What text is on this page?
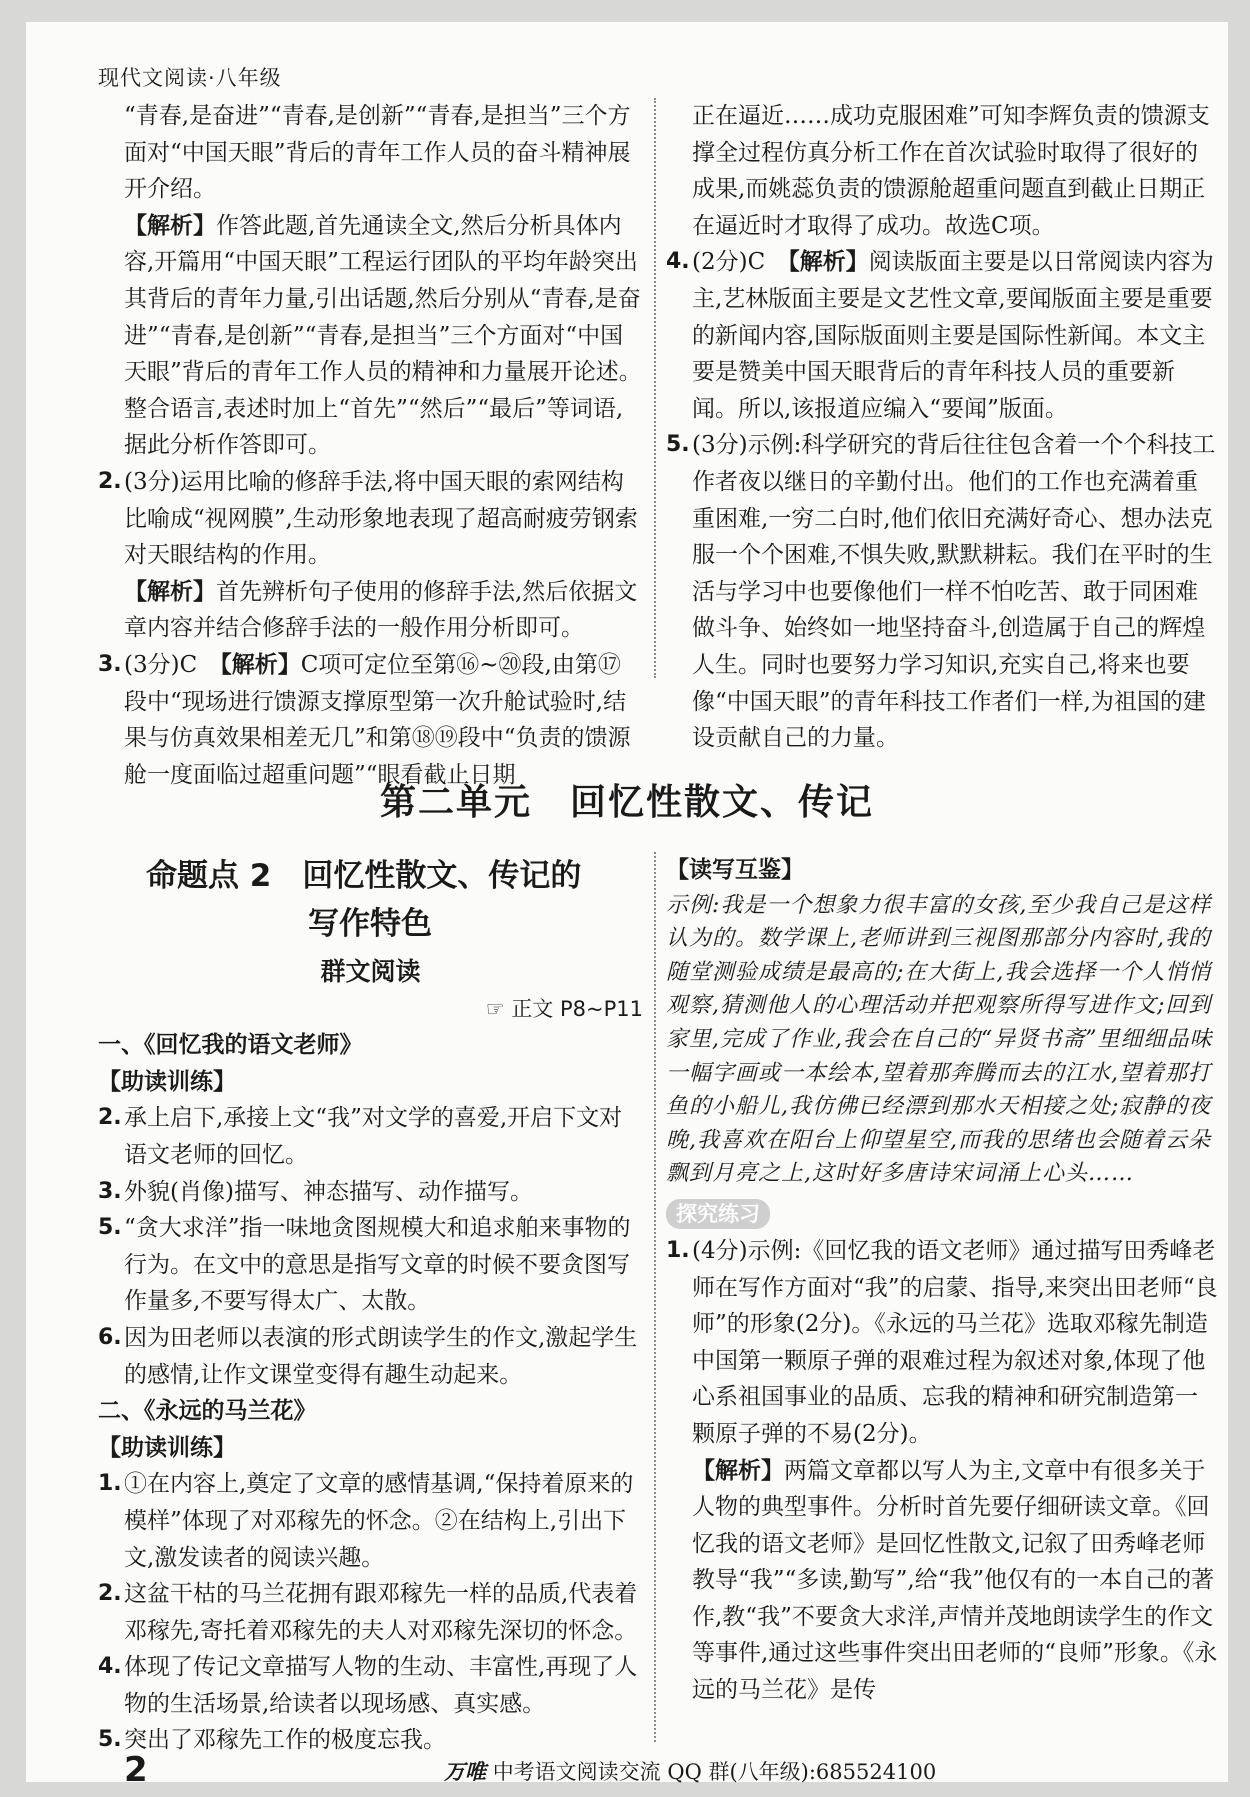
现代文阅读·八年级

“青春,是奋进”“青春,是创新”“青春,是担当”三个方面对“中国天眼”背后的青年工作人员的奋斗精神展开介绍。

【解析】作答此题,首先通读全文,然后分析具体内容,开篇用“中国天眼”工程运行团队的平均年龄突出其背后的青年力量,引出话题,然后分别从“青春,是奋进”“青春,是创新”“青春,是担当”三个方面对“中国天眼”背后的青年工作人员的精神和力量展开论述。整合语言,表述时加上“首先”“然后”“最后”等词语,据此分析作答即可。

2. (3分)运用比喻的修辞手法,将中国天眼的索网结构比喻成“视网膜”,生动形象地表现了超高耐疲劳钢索对天眼结构的作用。

【解析】首先辨析句子使用的修辞手法,然后依据文章内容并结合修辞手法的一般作用分析即可。

3. (3分)C　【解析】C项可定位至第⑯~⑳段,由第⑰段中“现场进行馈源支撑原型第一次升舱试验时,结果与仿真效果相差无几”和第⑱⑲段中“负责的馈源舱一度面临过超重问题”“眼看截止日期

正在逼近……成功克服困难”可知李辉负责的馈源支撑全过程仿真分析工作在首次试验时取得了很好的成果,而姚蕊负责的馈源舱超重问题直到截止日期正在逼近时才取得了成功。故选C项。

4. (2分)C　【解析】阅读版面主要是以日常阅读内容为主,艺林版面主要是文艺性文章,要闻版面主要是重要的新闻内容,国际版面则主要是国际性新闻。本文主要是赞美中国天眼背后的青年科技人员的重要新闻。所以,该报道应编入“要闻”版面。

5. (3分)示例:科学研究的背后往往包含着一个个科技工作者夜以继日的辛勤付出。他们的工作也充满着重重困难,一穷二白时,他们依旧充满好奇心、想办法克服一个个困难,不惧失败,默默耕耘。我们在平时的生活与学习中也要像他们一样不怕吃苦、敢于同困难做斗争、始终如一地坚持奋斗,创造属于自己的辉煌人生。同时也要努力学习知识,充实自己,将来也要像“中国天眼”的青年科技工作者们一样,为祖国的建设贡献自己的力量。

第二单元　回忆性散文、传记
命题点 2　回忆性散文、传记的
写作特色
群文阅读
☞ 正文 P8~P11

一、《回忆我的语文老师》

【助读训练】

2. 承上启下,承接上文“我”对文学的喜爱,开启下文对语文老师的回忆。

3. 外貌(肖像)描写、神态描写、动作描写。

5. “贪大求洋”指一味地贪图规模大和追求舶来事物的行为。在文中的意思是指写文章的时候不要贪图写作量多,不要写得太广、太散。

6. 因为田老师以表演的形式朗读学生的作文,激起学生的感情,让作文课堂变得有趣生动起来。

二、《永远的马兰花》

【助读训练】

1. ①在内容上,奠定了文章的感情基调,“保持着原来的模样”体现了对邓稼先的怀念。②在结构上,引出下文,激发读者的阅读兴趣。

2. 这盆干枯的马兰花拥有跟邓稼先一样的品质,代表着邓稼先,寄托着邓稼先的夫人对邓稼先深切的怀念。

4. 体现了传记文章描写人物的生动、丰富性,再现了人物的生活场景,给读者以现场感、真实感。

5. 突出了邓稼先工作的极度忘我。

【读写互鉴】

示例:我是一个想象力很丰富的女孩,至少我自己是这样认为的。数学课上,老师讲到三视图那部分内容时,我的随堂测验成绩是最高的;在大街上,我会选择一个人悄悄观察,猜测他人的心理活动并把观察所得写进作文;回到家里,完成了作业,我会在自己的“异贤书斋”里细细品味一幅字画或一本绘本,望着那奔腾而去的江水,望着那打鱼的小船儿,我仿佛已经漂到那水天相接之处;寂静的夜晚,我喜欢在阳台上仰望星空,而我的思绪也会随着云朵飘到月亮之上,这时好多唐诗宋词涌上心头……

探究练习
1. (4分)示例:《回忆我的语文老师》通过描写田秀峰老师在写作方面对“我”的启蒙、指导,来突出田老师“良师”的形象(2分)。《永远的马兰花》选取邓稼先制造中国第一颗原子弹的艰难过程为叙述对象,体现了他心系祖国事业的品质、忘我的精神和研究制造第一颗原子弹的不易(2分)。

【解析】两篇文章都以写人为主,文章中有很多关于人物的典型事件。分析时首先要仔细研读文章。《回忆我的语文老师》是回忆性散文,记叙了田秀峰老师教导“我”“多读,勤写”,给“我”他仅有的一本自己的著作,教“我”不要贪大求洋,声情并茂地朗读学生的作文等事件,通过这些事件突出田老师的“良师”形象。《永远的马兰花》是传

2	万唯 中考语文阅读交流 QQ 群(八年级):685524100
